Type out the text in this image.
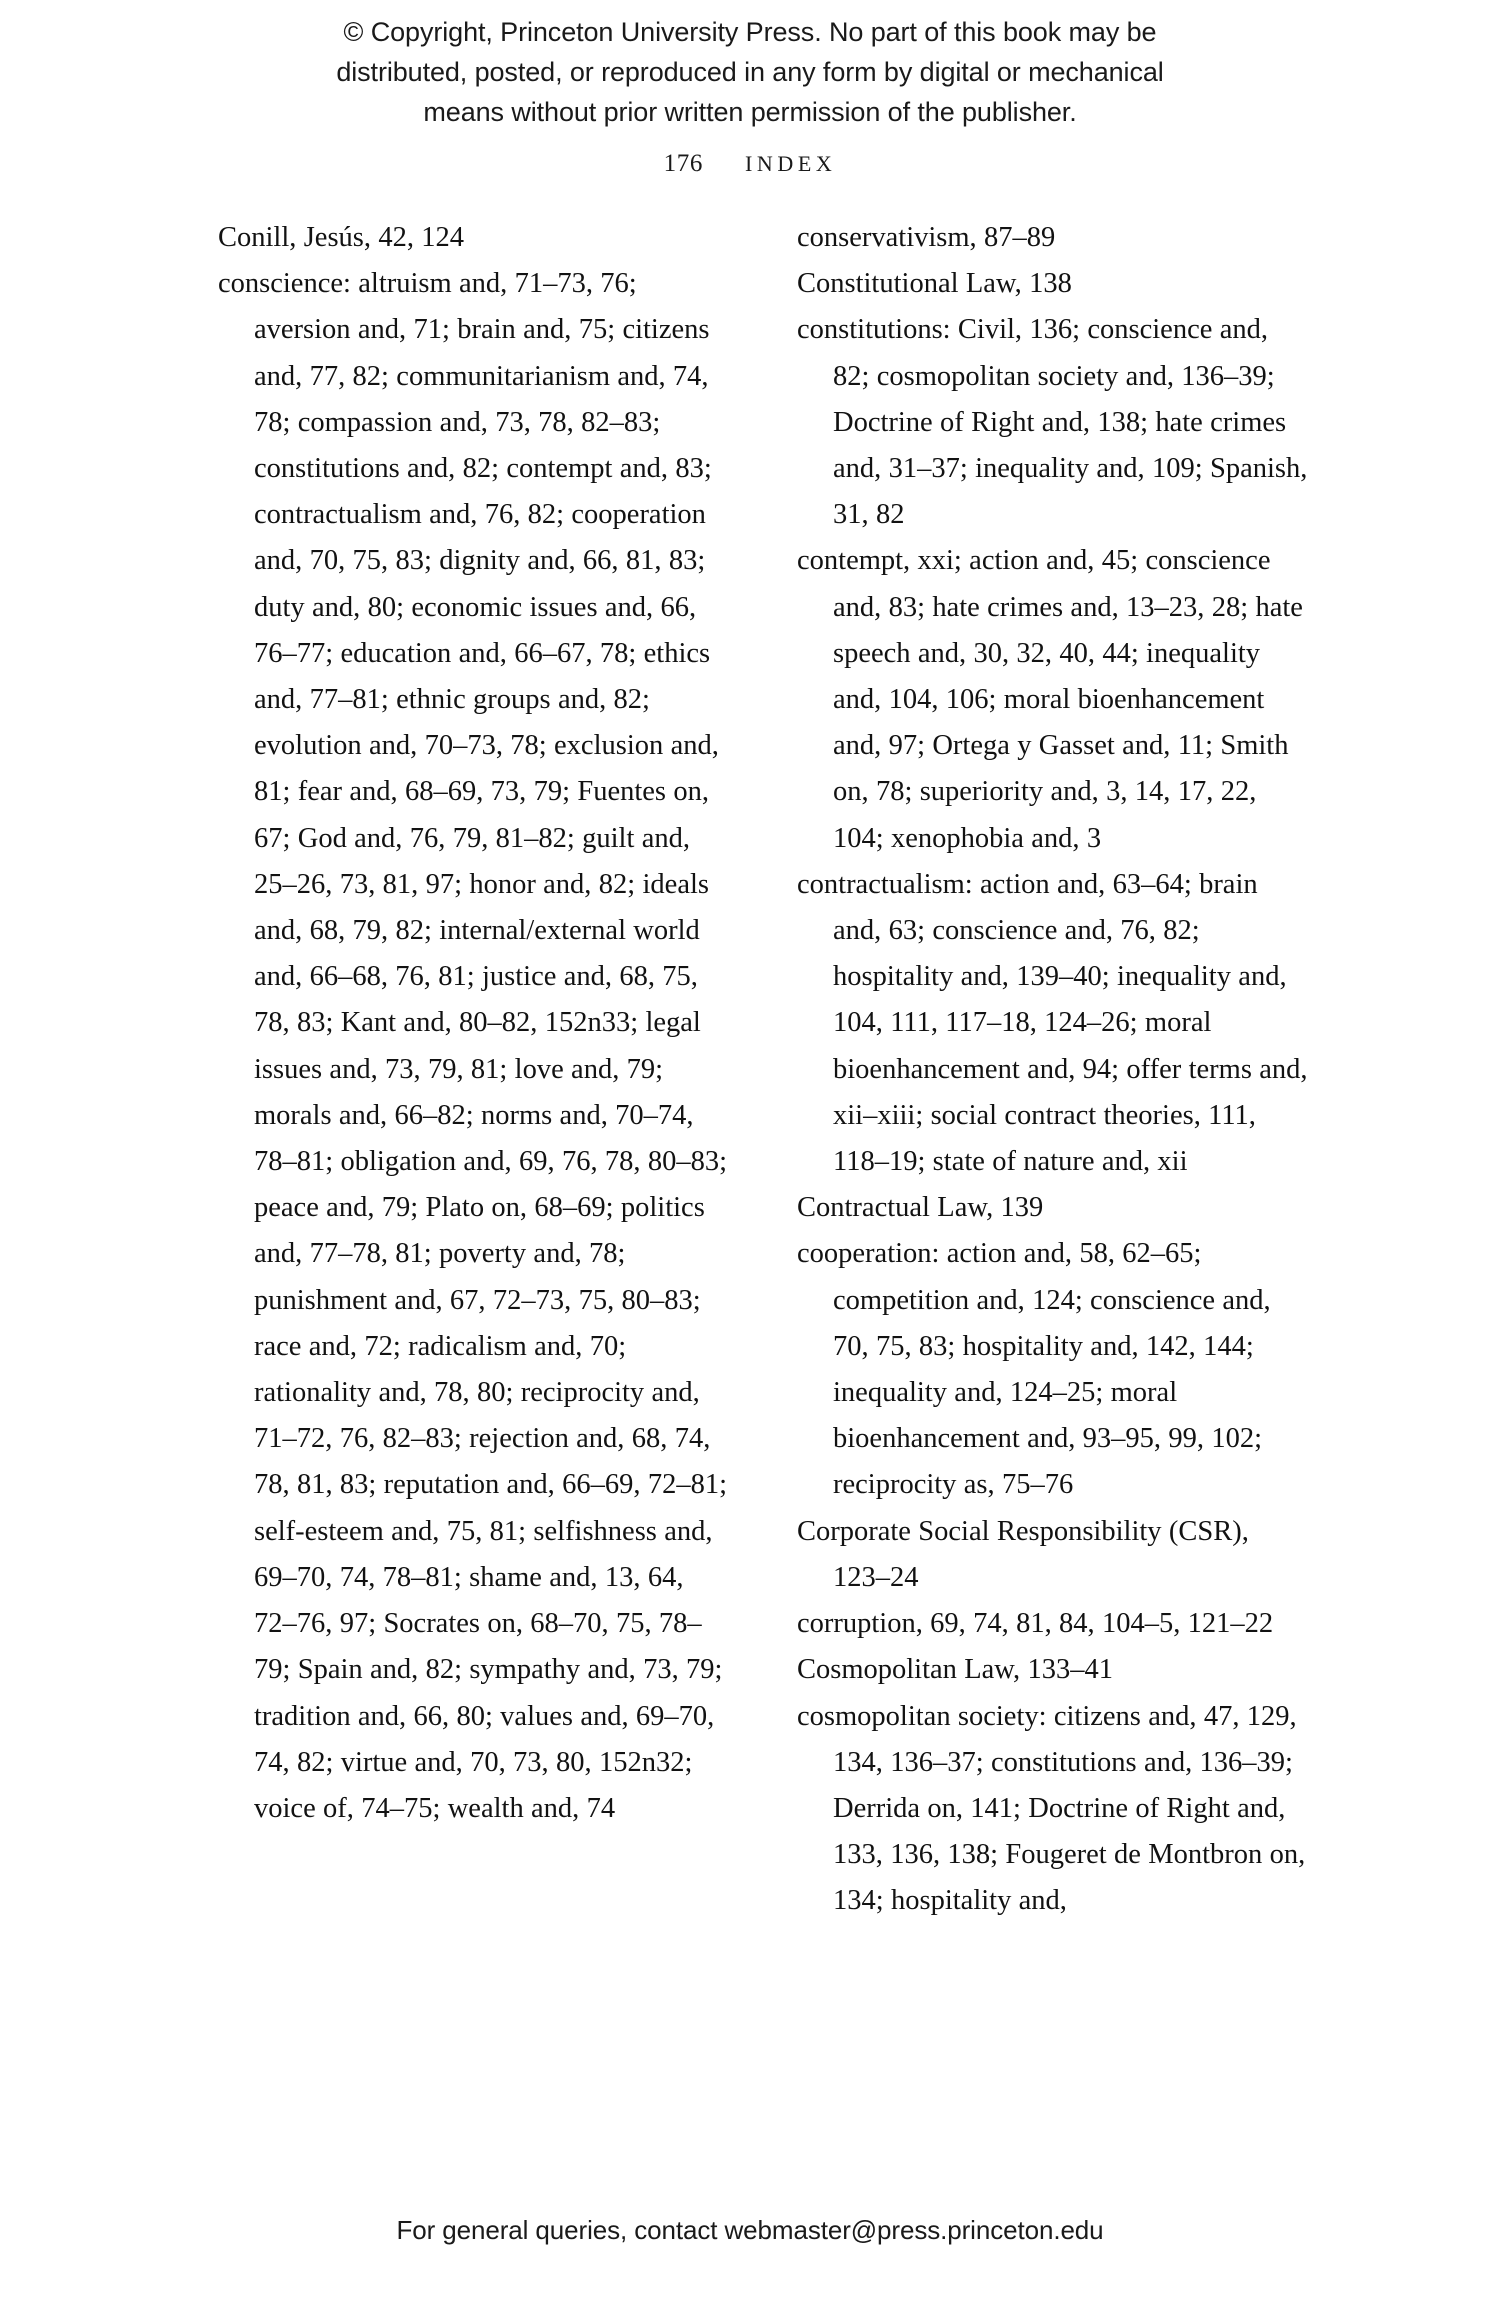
© Copyright, Princeton University Press. No part of this book may be
distributed, posted, or reproduced in any form by digital or mechanical
means without prior written permission of the publisher.
176 INDEX

Conill, Jesús, 42, 124

conscience: altruism and, 71–73, 76; aversion and, 71; brain and, 75; citizens and, 77, 82; communitarianism and, 74, 78; compassion and, 73, 78, 82–83; constitutions and, 82; contempt and, 83; contractualism and, 76, 82; cooperation and, 70, 75, 83; dignity and, 66, 81, 83; duty and, 80; economic issues and, 66, 76–77; education and, 66–67, 78; ethics and, 77–81; ethnic groups and, 82; evolution and, 70–73, 78; exclusion and, 81; fear and, 68–69, 73, 79; Fuentes on, 67; God and, 76, 79, 81–82; guilt and, 25–26, 73, 81, 97; honor and, 82; ideals and, 68, 79, 82; internal/external world and, 66–68, 76, 81; justice and, 68, 75, 78, 83; Kant and, 80–82, 152n33; legal issues and, 73, 79, 81; love and, 79; morals and, 66–82; norms and, 70–74, 78–81; obligation and, 69, 76, 78, 80–83; peace and, 79; Plato on, 68–69; politics and, 77–78, 81; poverty and, 78; punishment and, 67, 72–73, 75, 80–83; race and, 72; radicalism and, 70; rationality and, 78, 80; reciprocity and, 71–72, 76, 82–83; rejection and, 68, 74, 78, 81, 83; reputation and, 66–69, 72–81; self-esteem and, 75, 81; selfishness and, 69–70, 74, 78–81; shame and, 13, 64, 72–76, 97; Socrates on, 68–70, 75, 78–79; Spain and, 82; sympathy and, 73, 79; tradition and, 66, 80; values and, 69–70, 74, 82; virtue and, 70, 73, 80, 152n32; voice of, 74–75; wealth and, 74

conservativism, 87–89

Constitutional Law, 138

constitutions: Civil, 136; conscience and, 82; cosmopolitan society and, 136–39; Doctrine of Right and, 138; hate crimes and, 31–37; inequality and, 109; Spanish, 31, 82

contempt, xxi; action and, 45; conscience and, 83; hate crimes and, 13–23, 28; hate speech and, 30, 32, 40, 44; inequality and, 104, 106; moral bioenhancement and, 97; Ortega y Gasset and, 11; Smith on, 78; superiority and, 3, 14, 17, 22, 104; xenophobia and, 3

contractualism: action and, 63–64; brain and, 63; conscience and, 76, 82; hospitality and, 139–40; inequality and, 104, 111, 117–18, 124–26; moral bioenhancement and, 94; offer terms and, xii–xiii; social contract theories, 111, 118–19; state of nature and, xii

Contractual Law, 139

cooperation: action and, 58, 62–65; competition and, 124; conscience and, 70, 75, 83; hospitality and, 142, 144; inequality and, 124–25; moral bioenhancement and, 93–95, 99, 102; reciprocity as, 75–76

Corporate Social Responsibility (CSR), 123–24

corruption, 69, 74, 81, 84, 104–5, 121–22

Cosmopolitan Law, 133–41

cosmopolitan society: citizens and, 47, 129, 134, 136–37; constitutions and, 136–39; Derrida on, 141; Doctrine of Right and, 133, 136, 138; Fougeret de Montbron on, 134; hospitality and,

For general queries, contact webmaster@press.princeton.edu
